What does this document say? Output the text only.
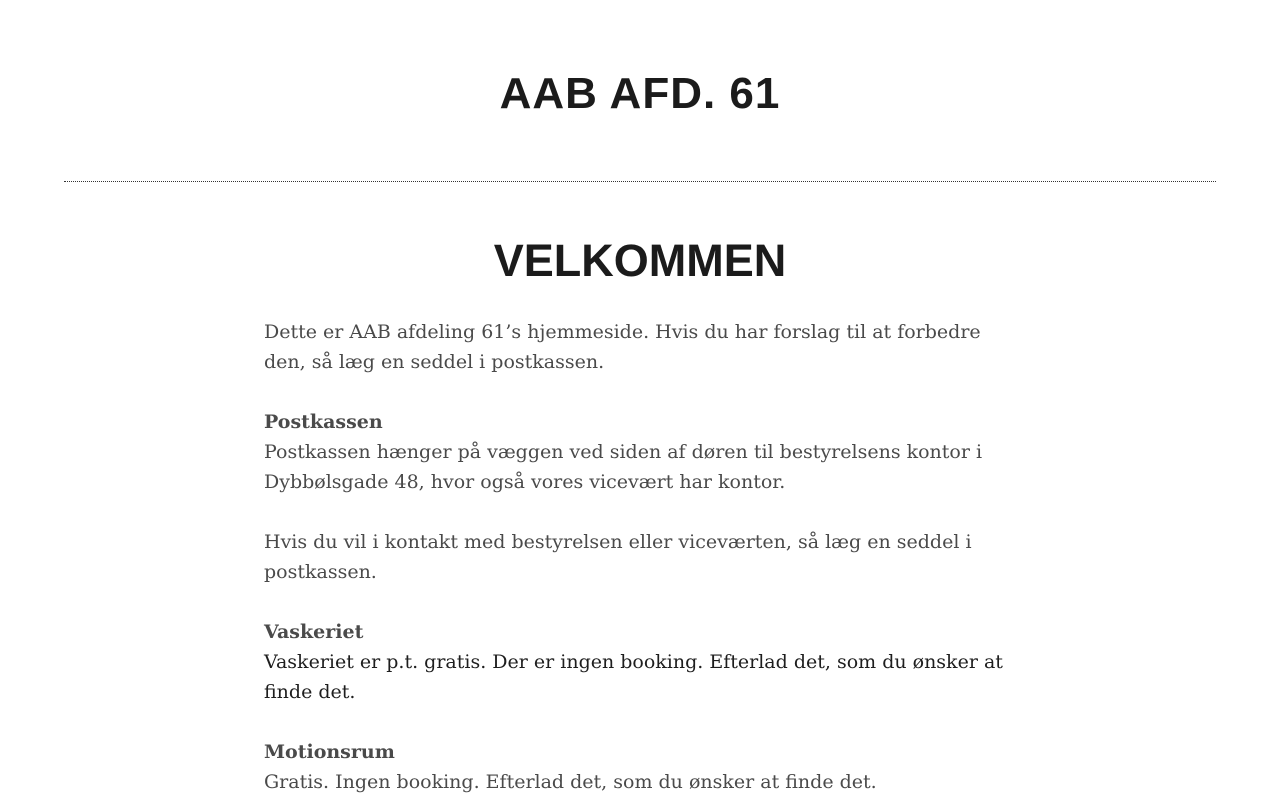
AAB AFD. 61
VELKOMMEN

Dette er AAB afdeling 61’s hjemmeside. Hvis du har forslag til at forbedre den, så læg en seddel i postkassen.

Postkassen
Postkassen hænger på væggen ved siden af døren til bestyrelsens kontor i Dybbølsgade 48, hvor også vores vicevært har kontor.

Hvis du vil i kontakt med bestyrelsen eller viceværten, så læg en seddel i postkassen.

Vaskeriet
Vaskeriet er p.t. gratis. Der er ingen booking. Efterlad det, som du ønsker at finde det.

Motionsrum
Gratis. Ingen booking. Efterlad det, som du ønsker at finde det.
